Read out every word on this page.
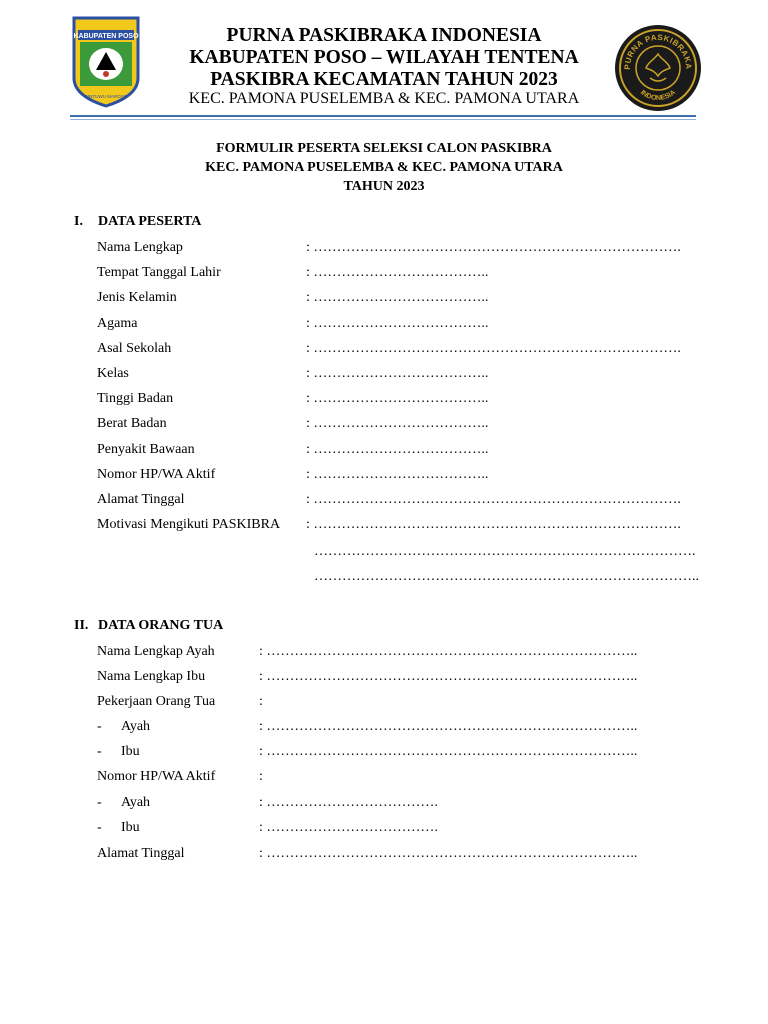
KABUPATEN POSO
SINTUWU MAROSO
PURNA PASKIBRAKA INDONESIA
KABUPATEN POSO – WILAYAH TENTENA
PASKIBRA KECAMATAN TAHUN 2023
KEC. PAMONA PUSELEMBA & KEC. PAMONA UTARA
PURNA PASKIBRAKA
INDONESIA
FORMULIR PESERTA SELEKSI CALON PASKIBRA
KEC. PAMONA PUSELEMBA & KEC. PAMONA UTARA
TAHUN 2023
I. DATA PESERTA
Nama Lengkap	: …………………………………………………………………….
Tempat Tanggal Lahir	: ………………………………..
Jenis Kelamin	: ………………………………..
Agama	: ………………………………..
Asal Sekolah	: …………………………………………………………………….
Kelas	: ………………………………..
Tinggi Badan	: ………………………………..
Berat Badan	: ………………………………..
Penyakit Bawaan	: ………………………………..
Nomor HP/WA Aktif	: ………………………………..
Alamat Tinggal	: …………………………………………………………………….
Motivasi Mengikuti PASKIBRA : …………………………………………………………………….
……………………………………………………………………….
………………………………………………………………………..
II. DATA ORANG TUA
Nama Lengkap Ayah	: ……………………………………………………………………..
Nama Lengkap Ibu	: ……………………………………………………………………..
Pekerjaan Orang Tua	:
- Ayah	: ……………………………………………………………………..
- Ibu	: ……………………………………………………………………..
Nomor HP/WA Aktif	:
- Ayah	: ……………………………….
- Ibu	: ……………………………….
Alamat Tinggal	: ……………………………………………………………………..
